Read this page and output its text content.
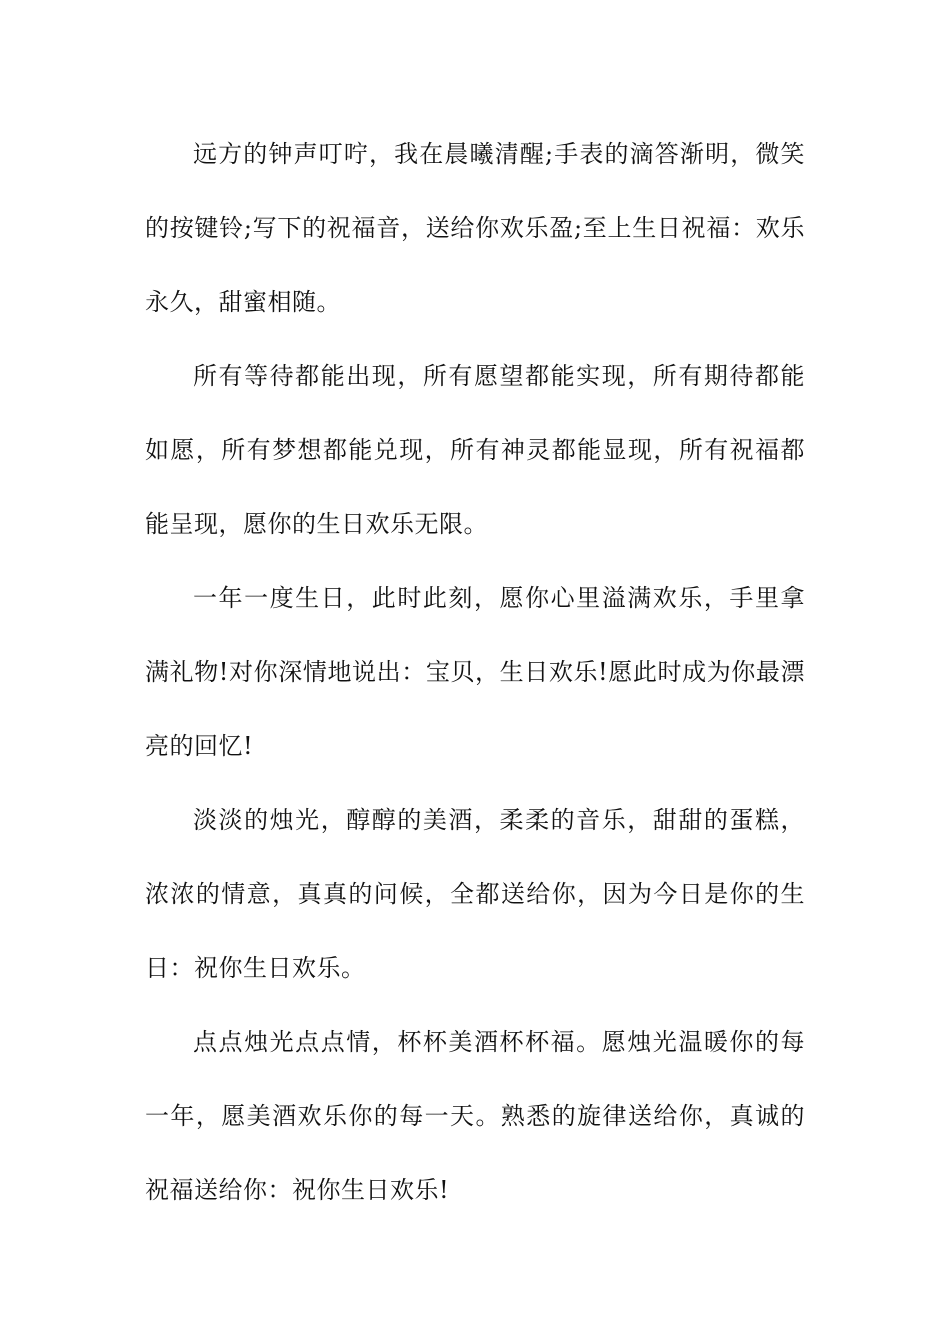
远方的钟声叮咛，我在晨曦清醒;手表的滴答渐明，微笑的按键铃;写下的祝福音，送给你欢乐盈;至上生日祝福：欢乐永久，甜蜜相随。

所有等待都能出现，所有愿望都能实现，所有期待都能如愿，所有梦想都能兑现，所有神灵都能显现，所有祝福都能呈现，愿你的生日欢乐无限。

一年一度生日，此时此刻，愿你心里溢满欢乐，手里拿满礼物!对你深情地说出：宝贝，生日欢乐!愿此时成为你最漂亮的回忆!

淡淡的烛光，醇醇的美酒，柔柔的音乐，甜甜的蛋糕，浓浓的情意，真真的问候，全都送给你，因为今日是你的生日：祝你生日欢乐。

点点烛光点点情，杯杯美酒杯杯福。愿烛光温暖你的每一年，愿美酒欢乐你的每一天。熟悉的旋律送给你，真诚的祝福送给你：祝你生日欢乐!
